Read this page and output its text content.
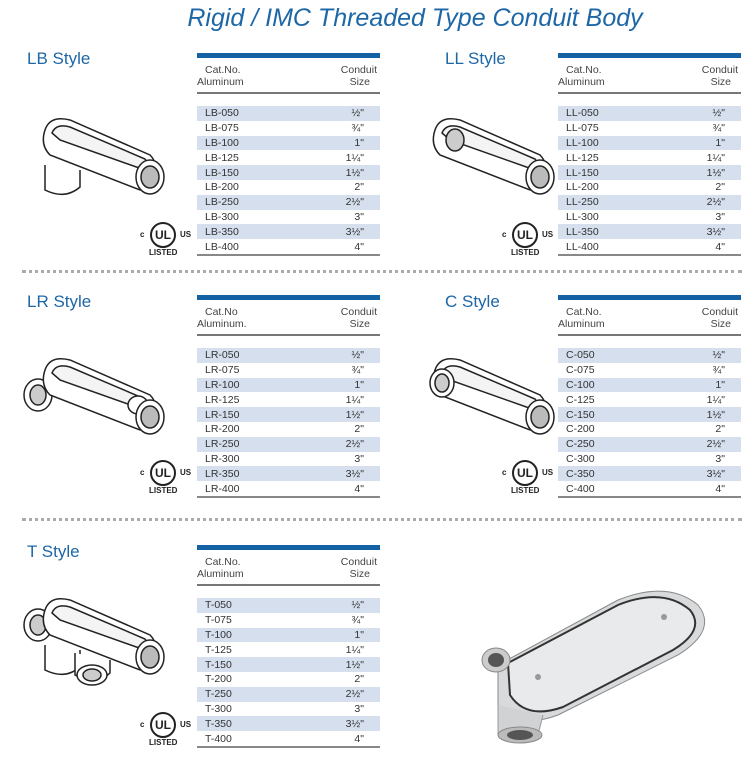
Rigid / IMC Threaded Type Conduit Body
LB Style
Cat.No.
Aluminum
Conduit
Size
LB-050	½"
LB-075	¾"
LB-100	1"
LB-125	1¼"
LB-150	1½"
LB-200	2"
LB-250	2½"
LB-300	3"
LB-350	3½"
LB-400	4"
c UL	US
LISTED
LL Style
Cat.No.
Aluminum
Conduit
Size
LL-050	½"
LL-075	¾"
LL-100	1"
LL-125	1¼"
LL-150	1½"
LL-200	2"
LL-250	2½"
LL-300	3"
LL-350	3½"
LL-400	4"
c UL	US
LISTED
LR Style
Cat.No
Aluminum.
Conduit
Size
LR-050	½"
LR-075	¾"
LR-100	1"
LR-125	1¼"
LR-150	1½"
LR-200	2"
LR-250	2½"
LR-300	3"
LR-350	3½"
LR-400	4"
c UL	US
LISTED
C Style
Cat.No.
Aluminum
Conduit
Size
C-050	½"
C-075	¾"
C-100	1"
C-125	1¼"
C-150	1½"
C-200	2"
C-250	2½"
C-300	3"
C-350	3½"
C-400	4"
c UL	US
LISTED
T Style
Cat.No.
Aluminum
Conduit
Size
T-050	½"
T-075	¾"
T-100	1"
T-125	1¼"
T-150	1½"
T-200	2"
T-250	2½"
T-300	3"
T-350	3½"
T-400	4"
c UL	US
LISTED
